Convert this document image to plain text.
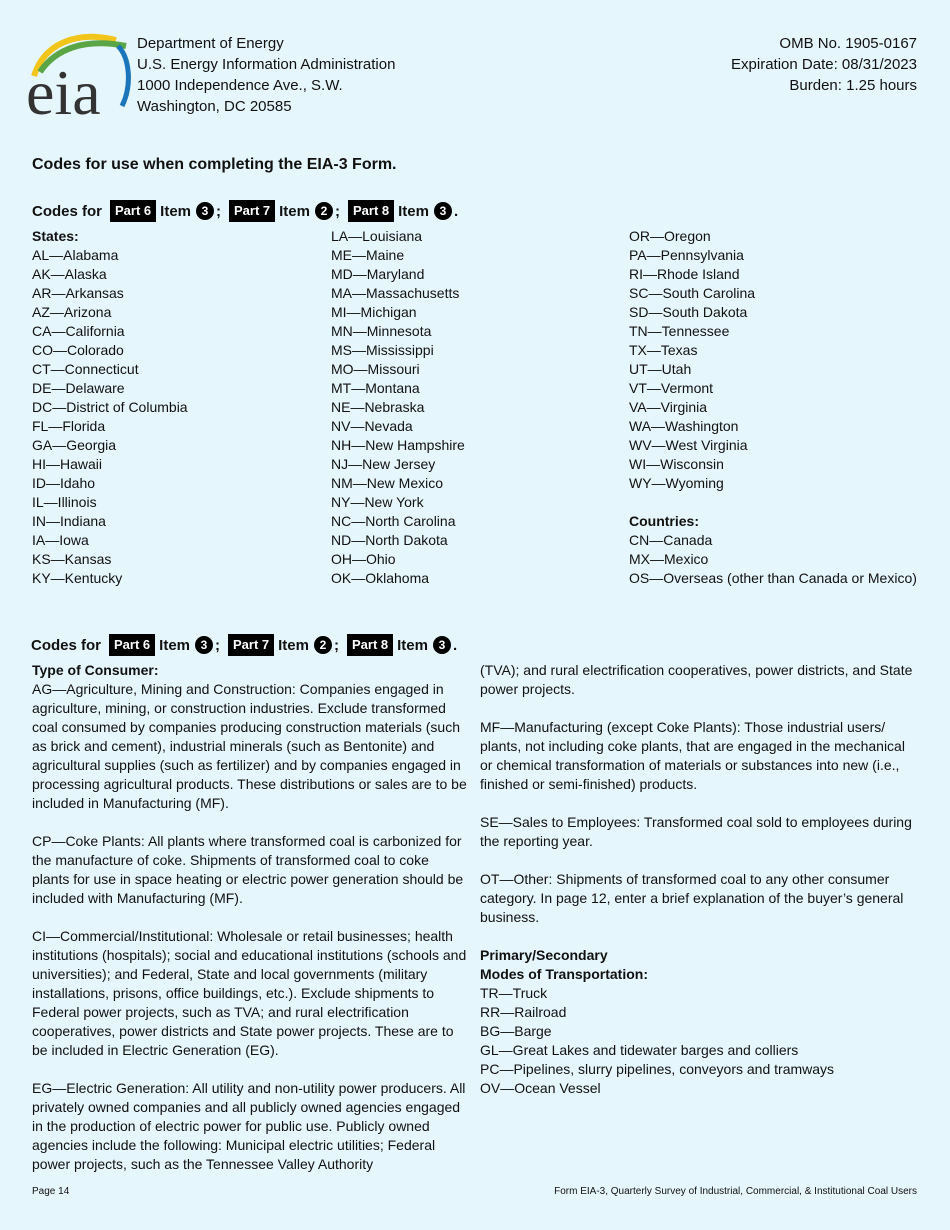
eia
Department of Energy
U.S. Energy Information Administration
1000 Independence Ave., S.W.
Washington, DC 20585
OMB No. 1905-0167
Expiration Date: 08/31/2023
Burden: 1.25 hours
Codes for use when completing the EIA-3 Form.
Codes for	Part 6 Item 3 ;	Part 7 Item 2 ;	Part 8 Item 3 .
States:
AL—Alabama
AK—Alaska
AR—Arkansas
AZ—Arizona
CA—California
CO—Colorado
CT—Connecticut
DE—Delaware
DC—District of Columbia
FL—Florida
GA—Georgia
HI—Hawaii
ID—Idaho
IL—Illinois
IN—Indiana
IA—Iowa
KS—Kansas
KY—Kentucky
LA—Louisiana
ME—Maine
MD—Maryland
MA—Massachusetts
MI—Michigan
MN—Minnesota
MS—Mississippi
MO—Missouri
MT—Montana
NE—Nebraska
NV—Nevada
NH—New Hampshire
NJ—New Jersey
NM—New Mexico
NY—New York
NC—North Carolina
ND—North Dakota
OH—Ohio
OK—Oklahoma
OR—Oregon
PA—Pennsylvania
RI—Rhode Island
SC—South Carolina
SD—South Dakota
TN—Tennessee
TX—Texas
UT—Utah
VT—Vermont
VA—Virginia
WA—Washington
WV—West Virginia
WI—Wisconsin
WY—Wyoming
Countries:
CN—Canada
MX—Mexico
OS—Overseas (other than Canada or Mexico)
Codes for	Part 6 Item 3 ;	Part 7 Item 2 ;	Part 8 Item 3 .
Type of Consumer:

AG—Agriculture, Mining and Construction: Companies engaged in agriculture, mining, or construction industries. Exclude transformed coal consumed by companies producing construction materials (such as brick and cement), industrial minerals (such as Bentonite) and agricultural supplies (such as fertilizer) and by companies engaged in processing agricultural products. These distributions or sales are to be included in Manufacturing (MF).

CP—Coke Plants: All plants where transformed coal is carbonized for the manufacture of coke. Shipments of transformed coal to coke plants for use in space heating or electric power generation should be included with Manufacturing (MF).

CI—Commercial/Institutional: Wholesale or retail businesses; health institutions (hospitals); social and educational institutions (schools and universities); and Federal, State and local governments (military installations, prisons, office buildings, etc.). Exclude shipments to Federal power projects, such as TVA; and rural electrification cooperatives, power districts and State power projects. These are to be included in Electric Generation (EG).

EG—Electric Generation: All utility and non-utility power producers. All privately owned companies and all publicly owned agencies engaged in the production of electric power for public use. Publicly owned agencies include the following: Municipal electric utilities; Federal power projects, such as the Tennessee Valley Authority

(TVA); and rural electrification cooperatives, power districts, and State power projects.

MF—Manufacturing (except Coke Plants): Those industrial users/ plants, not including coke plants, that are engaged in the mechanical or chemical transformation of materials or substances into new (i.e., finished or semi-finished) products.

SE—Sales to Employees: Transformed coal sold to employees during the reporting year.

OT—Other: Shipments of transformed coal to any other consumer category. In page 12, enter a brief explanation of the buyer’s general business.

Primary/Secondary
Modes of Transportation:
TR—Truck
RR—Railroad
BG—Barge
GL—Great Lakes and tidewater barges and colliers
PC—Pipelines, slurry pipelines, conveyors and tramways
OV—Ocean Vessel
Page 14	Form EIA-3, Quarterly Survey of Industrial, Commercial, & Institutional Coal Users
